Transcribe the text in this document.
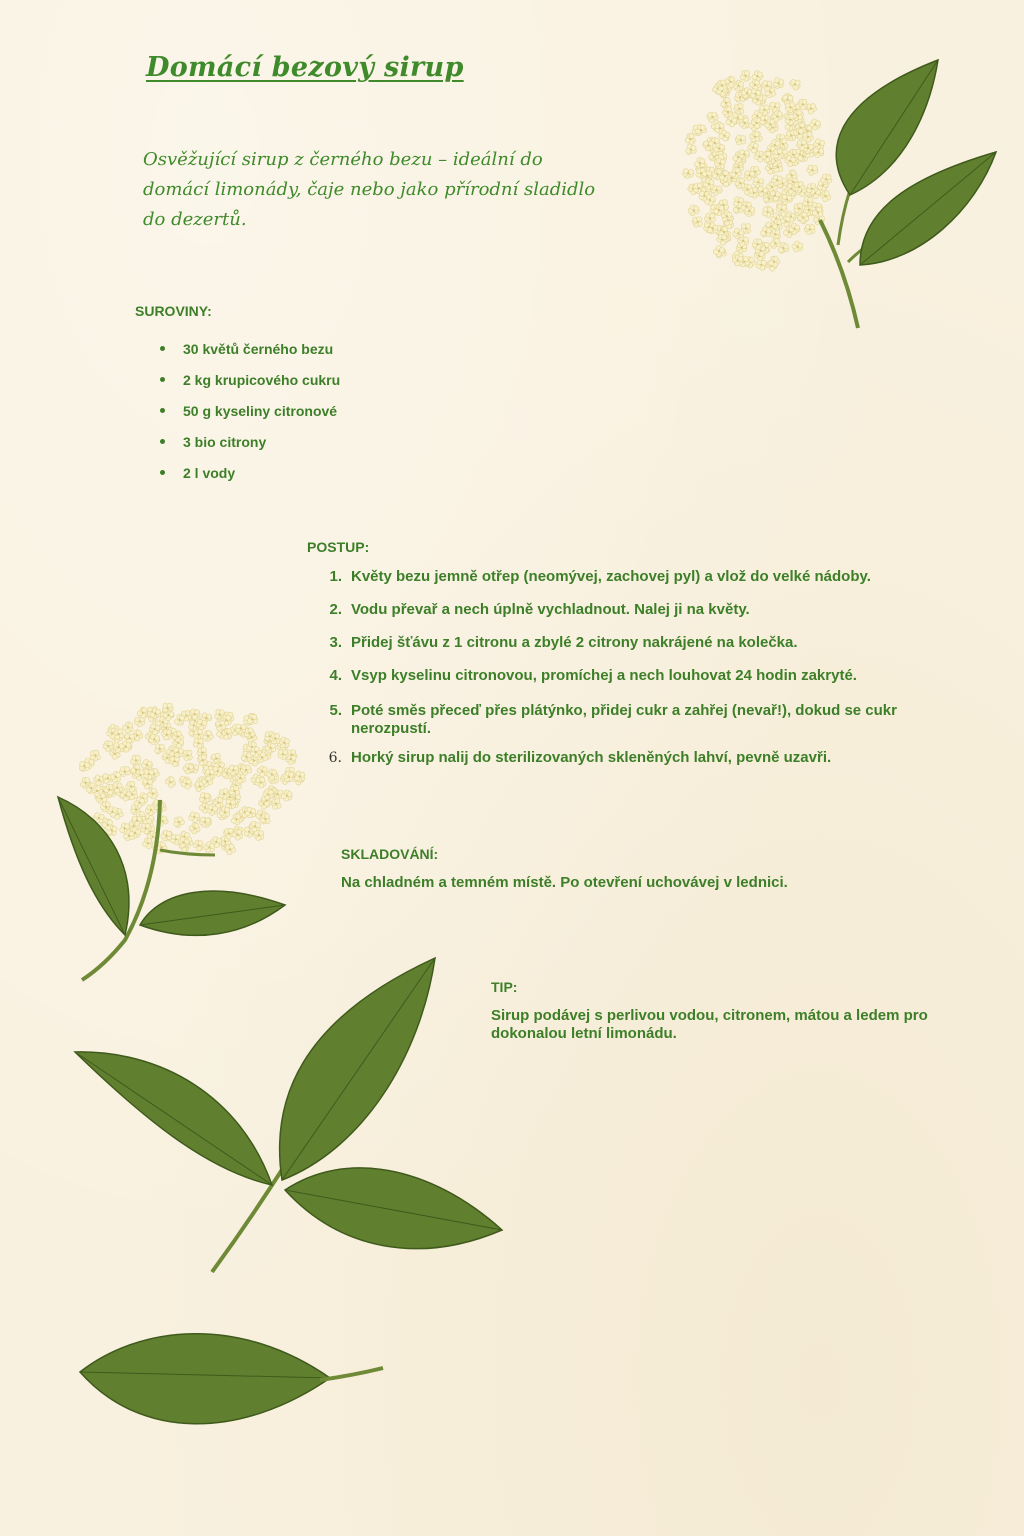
Domácí bezový sirup

Osvěžující sirup z černého bezu – ideální do domácí limonády, čaje nebo jako přírodní sladidlo do dezertů.

SUROVINY:
30 květů černého bezu
2 kg krupicového cukru
50 g kyseliny citronové
3 bio citrony
2 l vody
POSTUP:
1. Květy bezu jemně otřep (neomývej, zachovej pyl) a vlož do velké nádoby.
2. Vodu převař a nech úplně vychladnout. Nalej ji na květy.
3. Přidej šťávu z 1 citronu a zbylé 2 citrony nakrájené na kolečka.
4. Vsyp kyselinu citronovou, promíchej a nech louhovat 24 hodin zakryté.
5. Poté směs přeceď přes plátýnko, přidej cukr a zahřej (nevař!), dokud se cukr nerozpustí.
6. Horký sirup nalij do sterilizovaných skleněných lahví, pevně uzavři.
SKLADOVÁNÍ:

Na chladném a temném místě. Po otevření uchovávej v lednici.

TIP:

Sirup podávej s perlivou vodou, citronem, mátou a ledem pro dokonalou letní limonádu.
